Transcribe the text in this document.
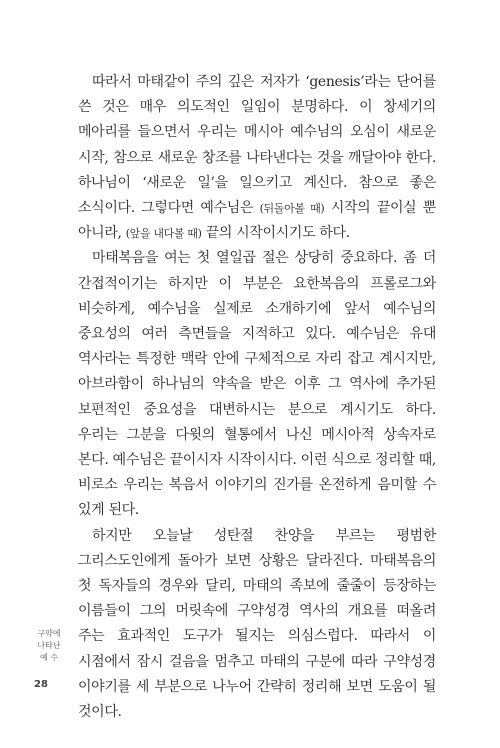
따라서 마태같이 주의 깊은 저자가 ‘genesis’라는 단어를 쓴 것은 매우 의도적인 일임이 분명하다. 이 창세기의 메아리를 들으면서 우리는 메시아 예수님의 오심이 새로운 시작, 참으로 새로운 창조를 나타낸다는 것을 깨달아야 한다. 하나님이 ‘새로운 일’을 일으키고 계신다. 참으로 좋은 소식이다. 그렇다면 예수님은 (뒤돌아볼 때) 시작의 끝이실 뿐 아니라, (앞을 내다볼 때) 끝의 시작이시기도 하다.

마태복음을 여는 첫 열일곱 절은 상당히 중요하다. 좀 더 간접적이기는 하지만 이 부분은 요한복음의 프롤로그와 비슷하게, 예수님을 실제로 소개하기에 앞서 예수님의 중요성의 여러 측면들을 지적하고 있다. 예수님은 유대 역사라는 특정한 맥락 안에 구체적으로 자리 잡고 계시지만, 아브라함이 하나님의 약속을 받은 이후 그 역사에 추가된 보편적인 중요성을 대변하시는 분으로 계시기도 하다. 우리는 그분을 다윗의 혈통에서 나신 메시아적 상속자로 본다. 예수님은 끝이시자 시작이시다. 이런 식으로 정리할 때, 비로소 우리는 복음서 이야기의 진가를 온전하게 음미할 수 있게 된다.

하지만 오늘날 성탄절 찬양을 부르는 평범한 그리스도인에게 돌아가 보면 상황은 달라진다. 마태복음의 첫 독자들의 경우와 달리, 마태의 족보에 줄줄이 등장하는 이름들이 그의 머릿속에 구약성경 역사의 개요를 떠올려 주는 효과적인 도구가 될지는 의심스럽다. 따라서 이 시점에서 잠시 걸음을 멈추고 마태의 구분에 따라 구약성경 이야기를 세 부분으로 나누어 간략히 정리해 보면 도움이 될 것이다.

구약에
나타난
예 수
28
